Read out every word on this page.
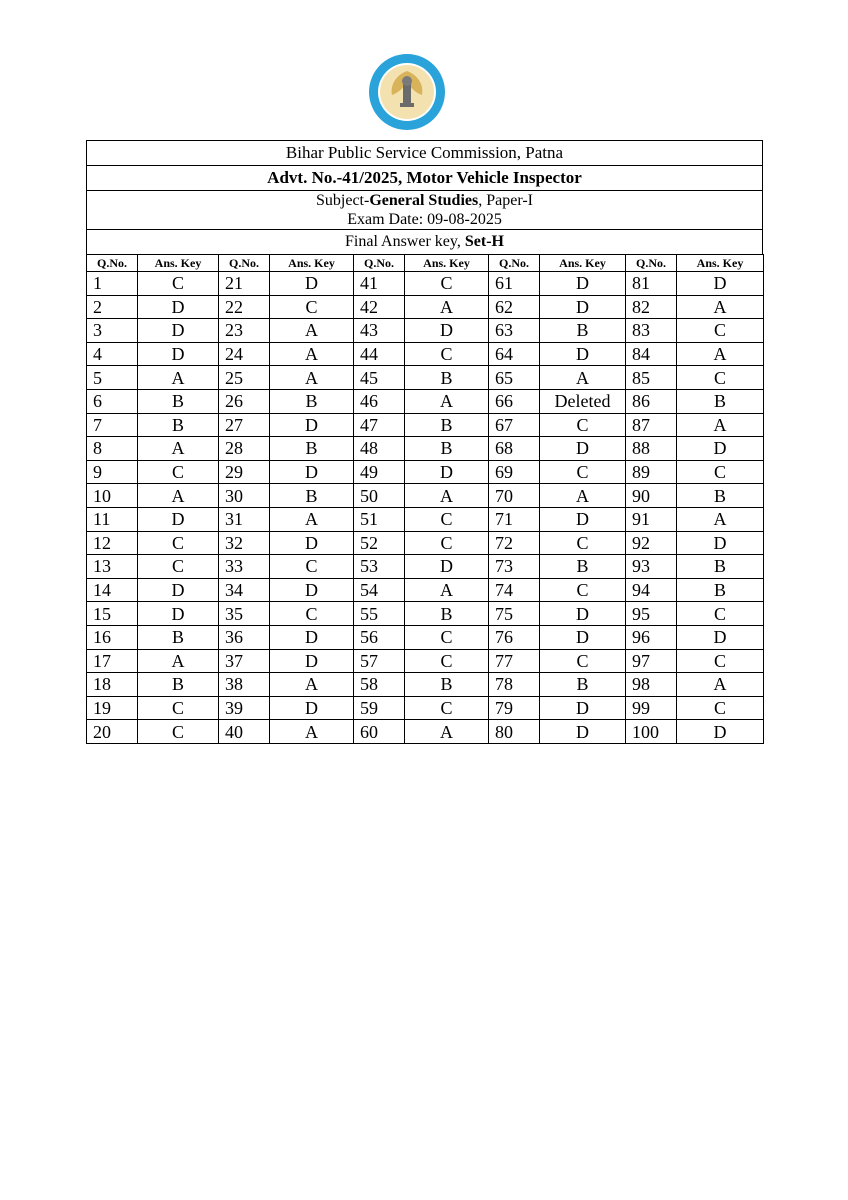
Bihar Public Service Commission, Patna
Advt. No.-41/2025, Motor Vehicle Inspector
Subject-General Studies, Paper-I
Exam Date: 09-08-2025
Final Answer key, Set-H
Q.No.	Ans. Key	Q.No.	Ans. Key	Q.No.	Ans. Key	Q.No.	Ans. Key	Q.No.	Ans. Key
1	C	21	D	41	C	61	D	81	D
2	D	22	C	42	A	62	D	82	A
3	D	23	A	43	D	63	B	83	C
4	D	24	A	44	C	64	D	84	A
5	A	25	A	45	B	65	A	85	C
6	B	26	B	46	A	66	Deleted	86	B
7	B	27	D	47	B	67	C	87	A
8	A	28	B	48	B	68	D	88	D
9	C	29	D	49	D	69	C	89	C
10	A	30	B	50	A	70	A	90	B
11	D	31	A	51	C	71	D	91	A
12	C	32	D	52	C	72	C	92	D
13	C	33	C	53	D	73	B	93	B
14	D	34	D	54	A	74	C	94	B
15	D	35	C	55	B	75	D	95	C
16	B	36	D	56	C	76	D	96	D
17	A	37	D	57	C	77	C	97	C
18	B	38	A	58	B	78	B	98	A
19	C	39	D	59	C	79	D	99	C
20	C	40	A	60	A	80	D	100	D
